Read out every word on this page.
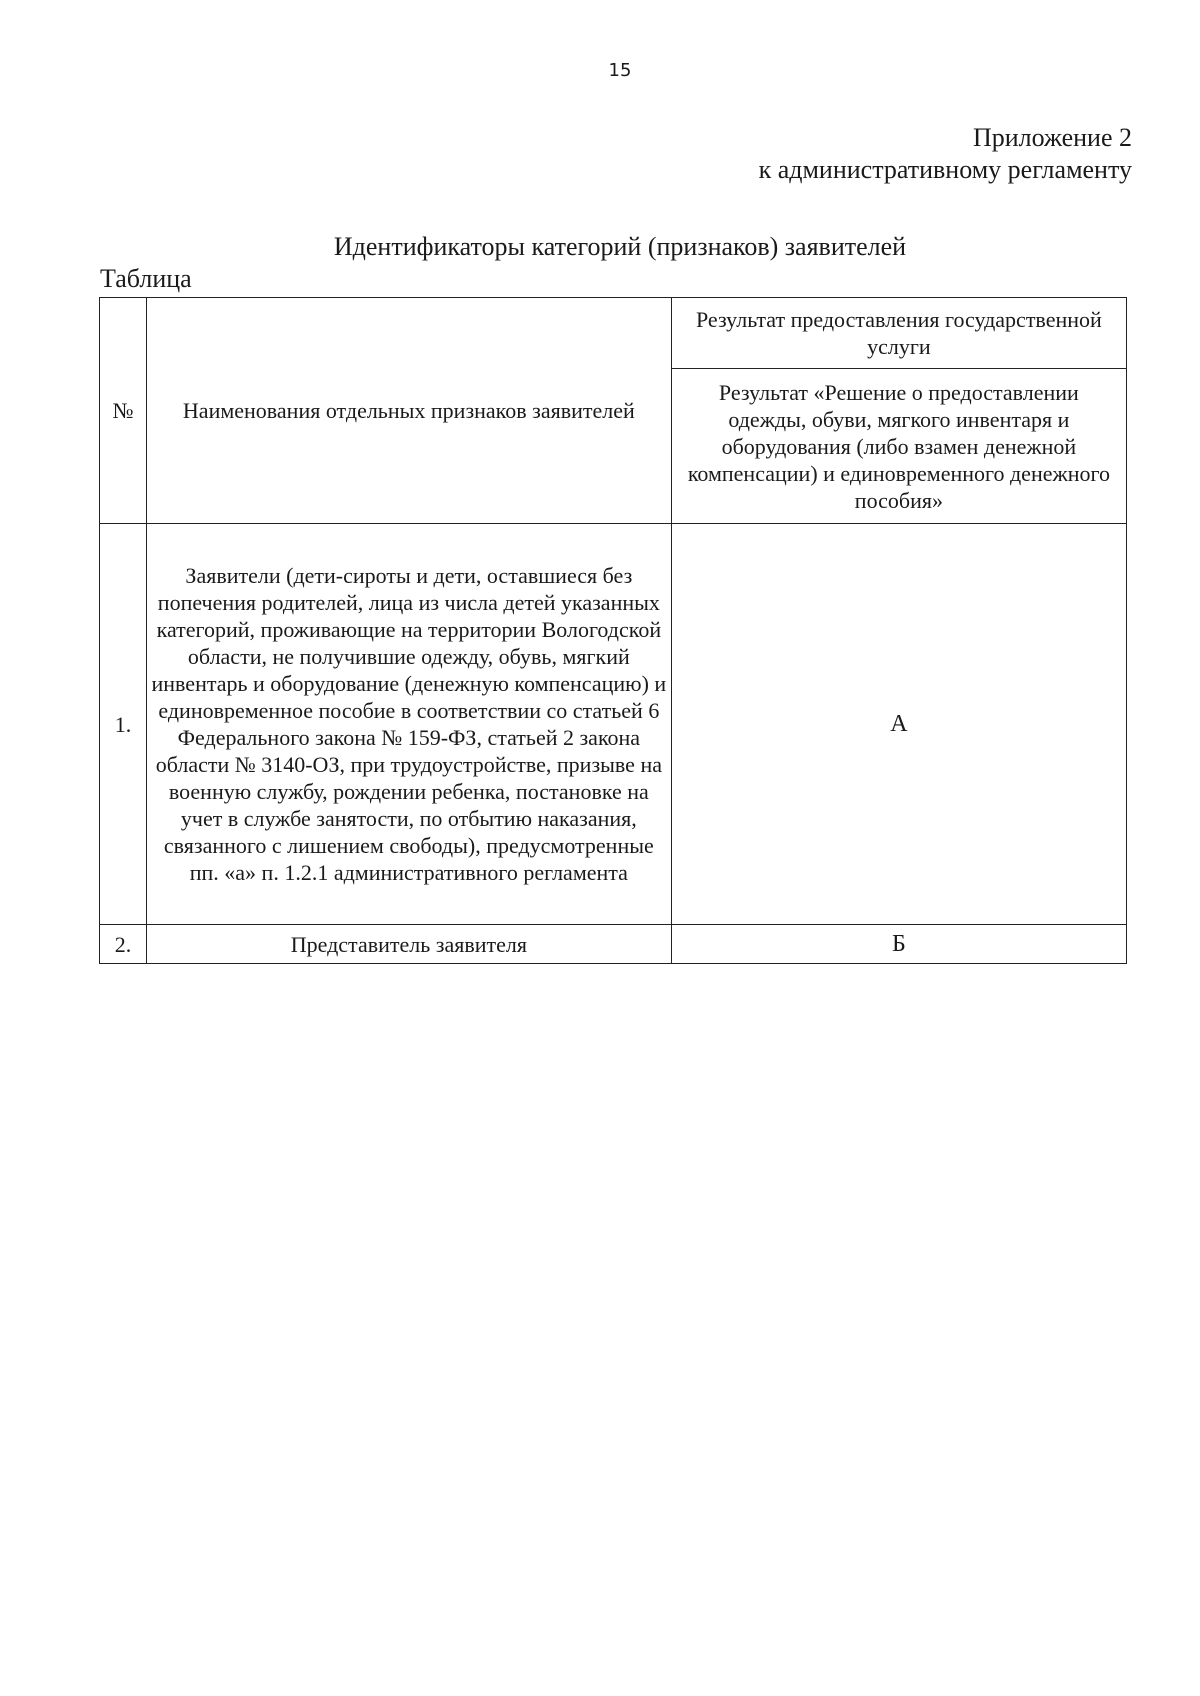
15
Приложение 2
к административному регламенту
Идентификаторы категорий (признаков) заявителей
Таблица
№	Наименования отдельных признаков заявителей	Результат предоставления государственной услуги
		Результат «Решение о предоставлении одежды, обуви, мягкого инвентаря и оборудования (либо взамен денежной компенсации) и единовременного денежного пособия»
1.	Заявители (дети-сироты и дети, оставшиеся без попечения родителей, лица из числа детей указанных категорий, проживающие на территории Вологодской области, не получившие одежду, обувь, мягкий инвентарь и оборудование (денежную компенсацию) и единовременное пособие в соответствии со статьей 6 Федерального закона № 159-ФЗ, статьей 2 закона области № 3140-ОЗ, при трудоустройстве, призыве на военную службу, рождении ребенка, постановке на учет в службе занятости, по отбытию наказания, связанного с лишением свободы), предусмотренные пп. «а» п. 1.2.1 административного регламента	А
2.	Представитель заявителя	Б
